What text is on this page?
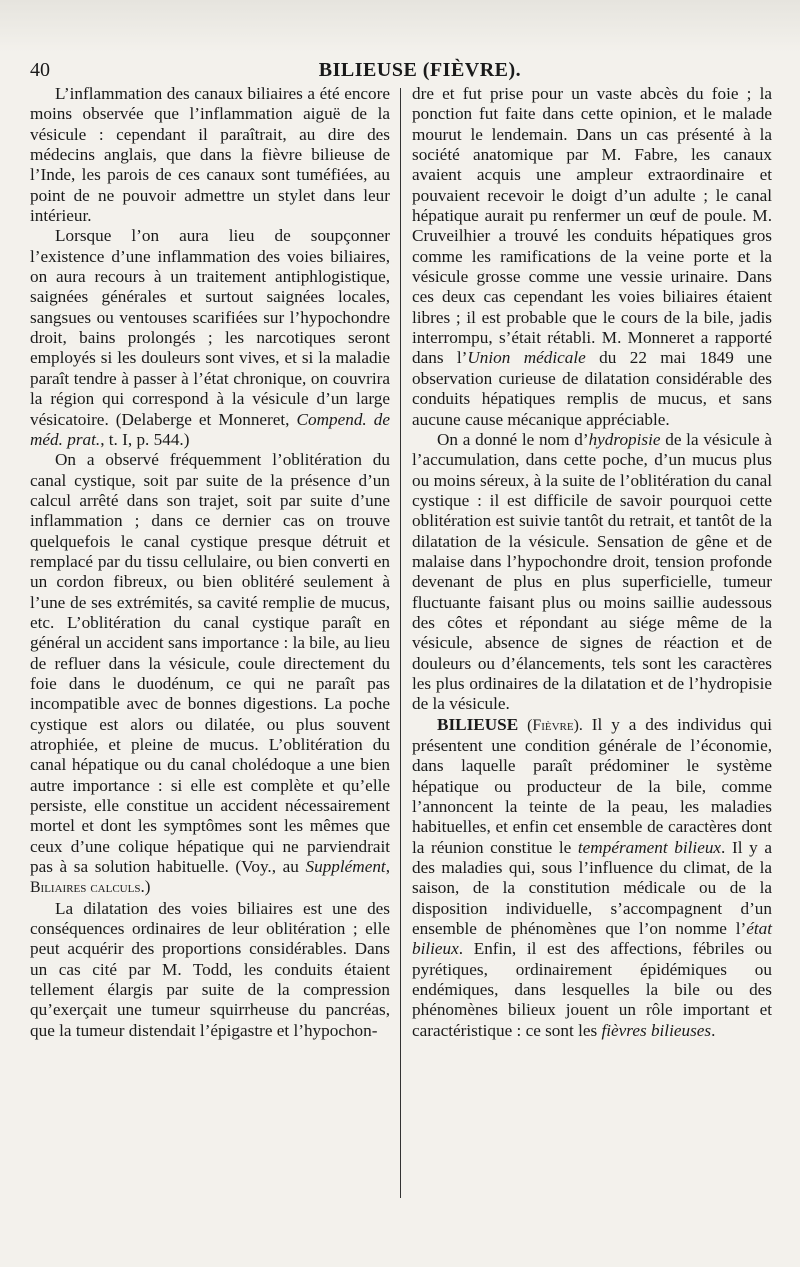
40	BILIEUSE (FIÈVRE).

L’inflammation des canaux biliaires a été encore moins observée que l’inflammation aiguë de la vésicule : cependant il paraîtrait, au dire des médecins anglais, que dans la fièvre bilieuse de l’Inde, les parois de ces canaux sont tuméfiées, au point de ne pouvoir admettre un stylet dans leur intérieur.

Lorsque l’on aura lieu de soupçonner l’existence d’une inflammation des voies biliaires, on aura recours à un traitement antiphlogistique, saignées générales et surtout saignées locales, sangsues ou ventouses scarifiées sur l’hypochondre droit, bains prolongés ; les narcotiques seront employés si les douleurs sont vives, et si la maladie paraît tendre à passer à l’état chronique, on couvrira la région qui correspond à la vésicule d’un large vésicatoire. (Delaberge et Monneret, Compend. de méd. prat., t. I, p. 544.)

On a observé fréquemment l’oblitération du canal cystique, soit par suite de la présence d’un calcul arrêté dans son trajet, soit par suite d’une inflammation ; dans ce dernier cas on trouve quelquefois le canal cystique presque détruit et remplacé par du tissu cellulaire, ou bien converti en un cordon fibreux, ou bien oblitéré seulement à l’une de ses extrémités, sa cavité remplie de mucus, etc. L’oblitération du canal cystique paraît en général un accident sans importance : la bile, au lieu de refluer dans la vésicule, coule directement du foie dans le duodénum, ce qui ne paraît pas incompatible avec de bonnes digestions. La poche cystique est alors ou dilatée, ou plus souvent atrophiée, et pleine de mucus. L’oblitération du canal hépatique ou du canal cholédoque a une bien autre importance : si elle est complète et qu’elle persiste, elle constitue un accident nécessairement mortel et dont les symptômes sont les mêmes que ceux d’une colique hépatique qui ne parviendrait pas à sa solution habituelle. (Voy., au Supplément, Biliaires calculs.)

La dilatation des voies biliaires est une des conséquences ordinaires de leur oblitération ; elle peut acquérir des proportions considérables. Dans un cas cité par M. Todd, les conduits étaient tellement élargis par suite de la compression qu’exerçait une tumeur squirrheuse du pancréas, que la tumeur distendait l’épigastre et l’hypochon-

dre et fut prise pour un vaste abcès du foie ; la ponction fut faite dans cette opinion, et le malade mourut le lendemain. Dans un cas présenté à la société anatomique par M. Fabre, les canaux avaient acquis une ampleur extraordinaire et pouvaient recevoir le doigt d’un adulte ; le canal hépatique aurait pu renfermer un œuf de poule. M. Cruveilhier a trouvé les conduits hépatiques gros comme les ramifications de la veine porte et la vésicule grosse comme une vessie urinaire. Dans ces deux cas cependant les voies biliaires étaient libres ; il est probable que le cours de la bile, jadis interrompu, s’était rétabli. M. Monneret a rapporté dans l’Union médicale du 22 mai 1849 une observation curieuse de dilatation considérable des conduits hépatiques remplis de mucus, et sans aucune cause mécanique appréciable.

On a donné le nom d’hydropisie de la vésicule à l’accumulation, dans cette poche, d’un mucus plus ou moins séreux, à la suite de l’oblitération du canal cystique : il est difficile de savoir pourquoi cette oblitération est suivie tantôt du retrait, et tantôt de la dilatation de la vésicule. Sensation de gêne et de malaise dans l’hypochondre droit, tension profonde devenant de plus en plus superficielle, tumeur fluctuante faisant plus ou moins saillie audessous des côtes et répondant au siége même de la vésicule, absence de signes de réaction et de douleurs ou d’élancements, tels sont les caractères les plus ordinaires de la dilatation et de l’hydropisie de la vésicule.

BILIEUSE (Fièvre). Il y a des individus qui présentent une condition générale de l’économie, dans laquelle paraît prédominer le système hépatique ou producteur de la bile, comme l’annoncent la teinte de la peau, les maladies habituelles, et enfin cet ensemble de caractères dont la réunion constitue le tempérament bilieux. Il y a des maladies qui, sous l’influence du climat, de la saison, de la constitution médicale ou de la disposition individuelle, s’accompagnent d’un ensemble de phénomènes que l’on nomme l’état bilieux. Enfin, il est des affections, fébriles ou pyrétiques, ordinairement épidémiques ou endémiques, dans lesquelles la bile ou des phénomènes bilieux jouent un rôle important et caractéristique : ce sont les fièvres bilieuses.
